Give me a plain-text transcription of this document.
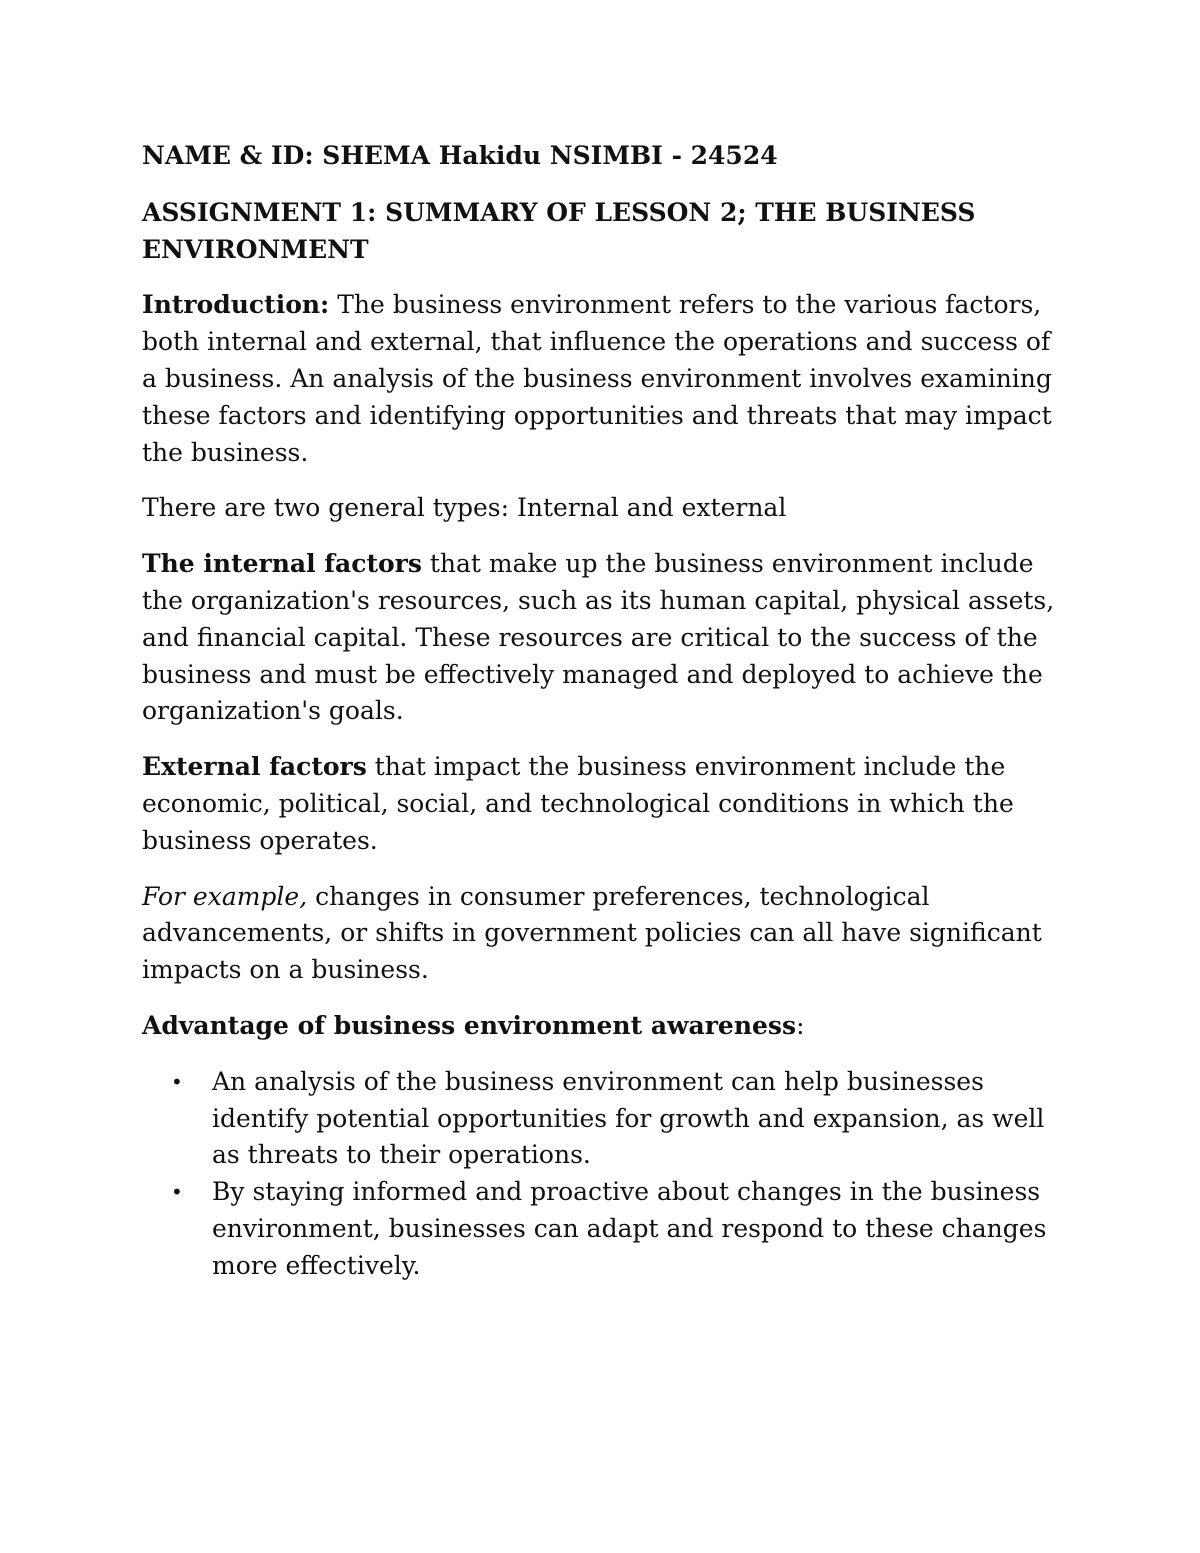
NAME & ID: SHEMA Hakidu NSIMBI - 24524
ASSIGNMENT 1: SUMMARY OF LESSON 2; THE BUSINESS ENVIRONMENT

Introduction: The business environment refers to the various factors, both internal and external, that influence the operations and success of a business. An analysis of the business environment involves examining these factors and identifying opportunities and threats that may impact the business.

There are two general types: Internal and external

The internal factors that make up the business environment include the organization's resources, such as its human capital, physical assets, and financial capital. These resources are critical to the success of the business and must be effectively managed and deployed to achieve the organization's goals.

External factors that impact the business environment include the economic, political, social, and technological conditions in which the business operates.

For example, changes in consumer preferences, technological advancements, or shifts in government policies can all have significant impacts on a business.

Advantage of business environment awareness:

• An analysis of the business environment can help businesses identify potential opportunities for growth and expansion, as well as threats to their operations.
• By staying informed and proactive about changes in the business environment, businesses can adapt and respond to these changes more effectively.
